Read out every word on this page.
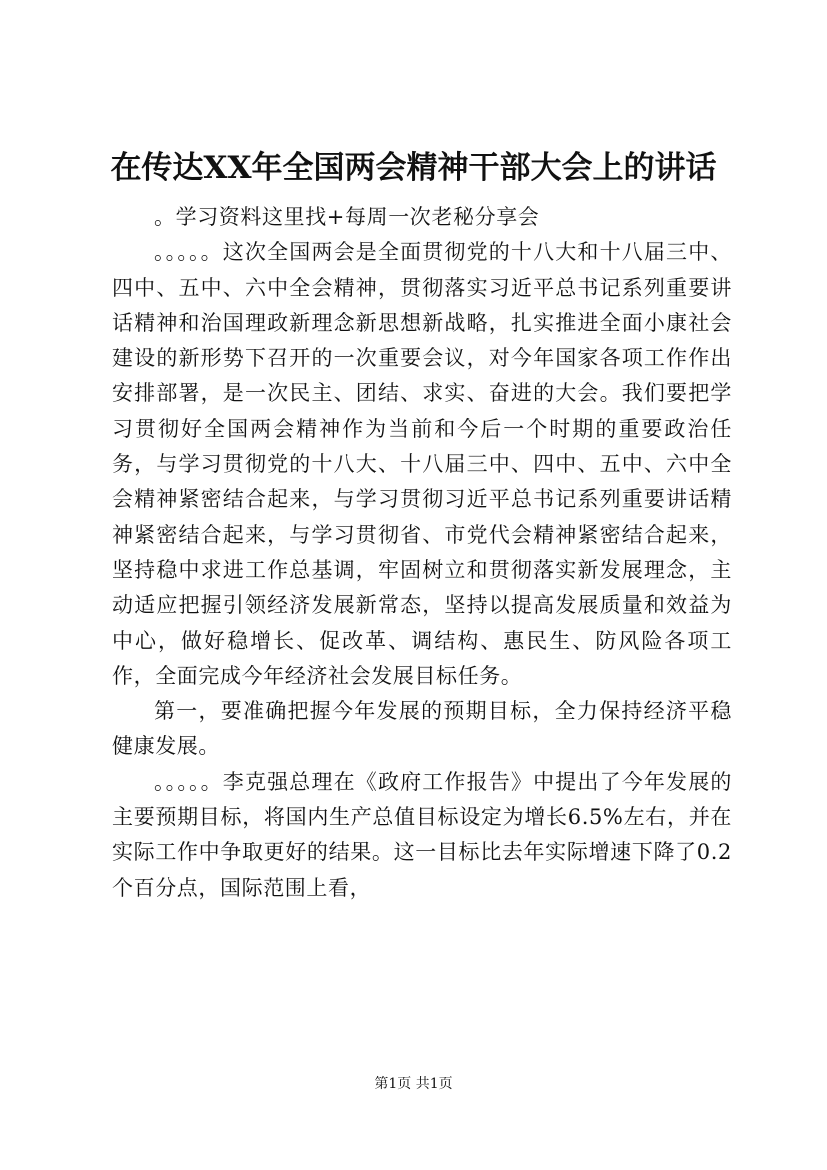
在传达XX年全国两会精神干部大会上的讲话

。学习资料这里找+每周一次老秘分享会

。。。。。这次全国两会是全面贯彻党的十八大和十八届三中、四中、五中、六中全会精神，贯彻落实习近平总书记系列重要讲话精神和治国理政新理念新思想新战略，扎实推进全面小康社会建设的新形势下召开的一次重要会议，对今年国家各项工作作出安排部署，是一次民主、团结、求实、奋进的大会。我们要把学习贯彻好全国两会精神作为当前和今后一个时期的重要政治任务，与学习贯彻党的十八大、十八届三中、四中、五中、六中全会精神紧密结合起来，与学习贯彻习近平总书记系列重要讲话精神紧密结合起来，与学习贯彻省、市党代会精神紧密结合起来，坚持稳中求进工作总基调，牢固树立和贯彻落实新发展理念，主动适应把握引领经济发展新常态，坚持以提高发展质量和效益为中心，做好稳增长、促改革、调结构、惠民生、防风险各项工作，全面完成今年经济社会发展目标任务。

第一，要准确把握今年发展的预期目标，全力保持经济平稳健康发展。

。。。。。李克强总理在《政府工作报告》中提出了今年发展的主要预期目标，将国内生产总值目标设定为增长6.5%左右，并在实际工作中争取更好的结果。这一目标比去年实际增速下降了0.2个百分点，国际范围上看，

第1页 共1页
